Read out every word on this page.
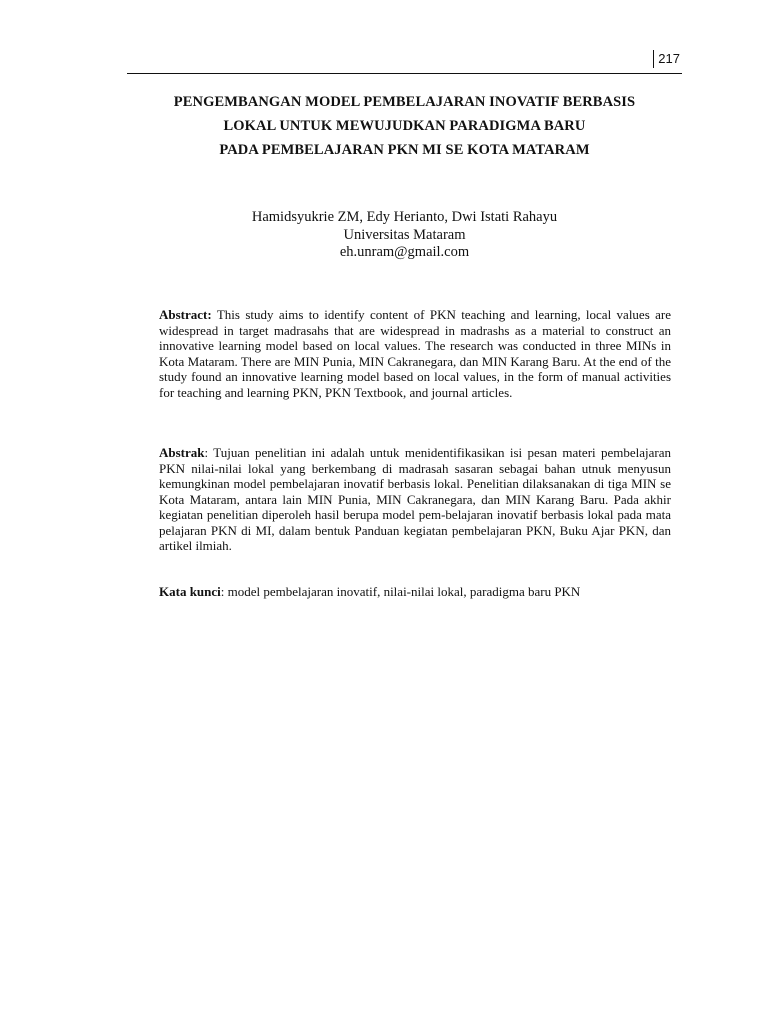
217
PENGEMBANGAN MODEL PEMBELAJARAN INOVATIF BERBASIS
LOKAL UNTUK MEWUJUDKAN PARADIGMA BARU
PADA PEMBELAJARAN PKN MI SE KOTA MATARAM
Hamidsyukrie ZM, Edy Herianto, Dwi Istati Rahayu
Universitas Mataram
eh.unram@gmail.com
Abstract: This study aims to identify content of PKN teaching and learning, local values are widespread in target madrasahs that are widespread in madrashs as a material to construct an innovative learning model based on local values. The research was conducted in three MINs in Kota Mataram. There are MIN Punia, MIN Cakranegara, dan MIN Karang Baru. At the end of the study found an innovative learning model based on local values, in the form of manual activities for teaching and learning PKN, PKN Textbook, and journal articles.
Abstrak: Tujuan penelitian ini adalah untuk menidentifikasikan isi pesan materi pembelajaran PKN nilai-nilai lokal yang berkembang di madrasah sasaran sebagai bahan utnuk menyusun kemungkinan model pembelajaran inovatif berbasis lokal. Penelitian dilaksanakan di tiga MIN se Kota Mataram, antara lain MIN Punia, MIN Cakranegara, dan MIN Karang Baru. Pada akhir kegiatan penelitian diperoleh hasil berupa model pem-belajaran inovatif berbasis lokal pada mata pelajaran PKN di MI, dalam bentuk Panduan kegiatan pembelajaran PKN, Buku Ajar PKN, dan artikel ilmiah.
Kata kunci: model pembelajaran inovatif, nilai-nilai lokal, paradigma baru PKN
